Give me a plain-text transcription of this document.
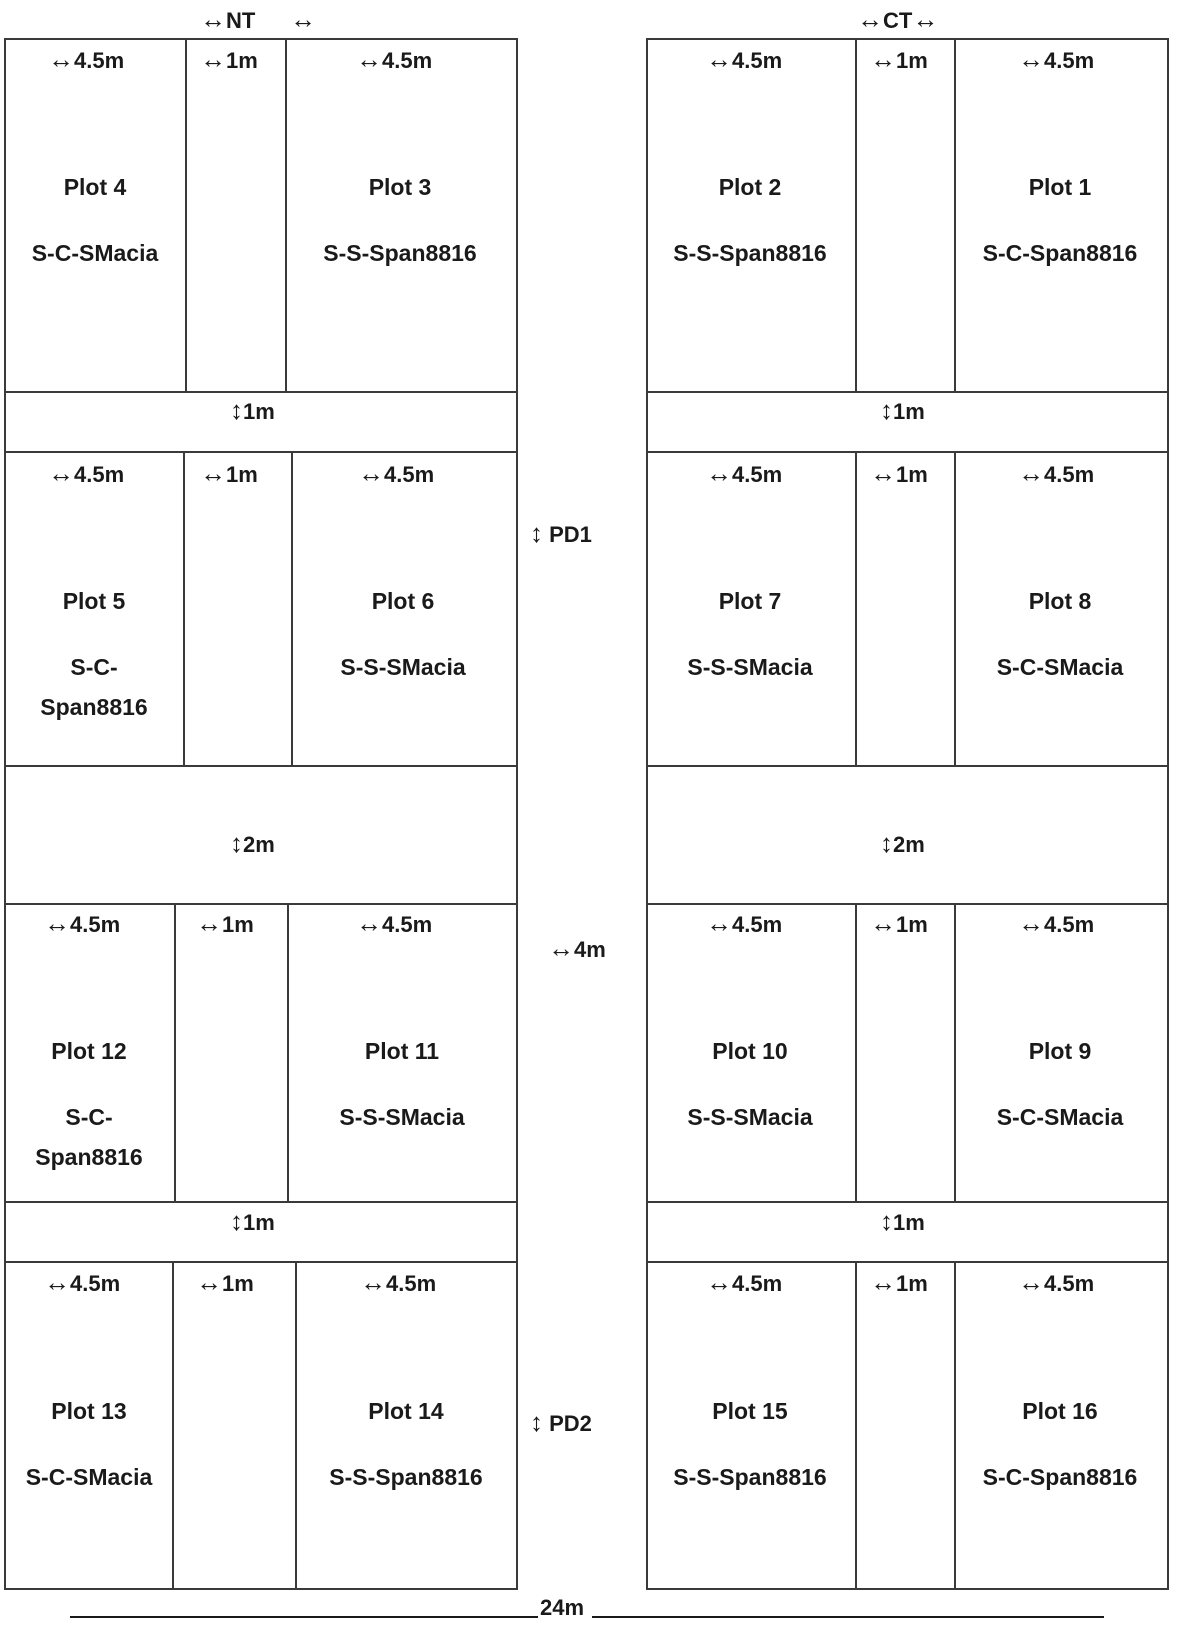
↔NT ↔	↔CT↔
↔4.5m	↔1m	↔4.5m	↔4.5m	↔1m	↔4.5m
↔4.5m	↔1m	↔4.5m	↔4.5m	↔1m	↔4.5m
↔4.5m	↔1m	↔4.5m	↔4.5m	↔1m	↔4.5m
↔4.5m	↔1m	↔4.5m	↔4.5m	↔1m	↔4.5m
↕1m	↕1m
↕2m	↕2m
↕1m	↕1m
↕ PD1
↔4m
↕ PD2
Plot 4
S-C-SMacia
Plot 3
S-S-Span8816
Plot 2
S-S-Span8816
Plot 1
S-C-Span8816
Plot 5
S-C-
Span8816
Plot 6
S-S-SMacia
Plot 7
S-S-SMacia
Plot 8
S-C-SMacia
Plot 12
S-C-
Span8816
Plot 11
S-S-SMacia
Plot 10
S-S-SMacia
Plot 9
S-C-SMacia
Plot 13
S-C-SMacia
Plot 14
S-S-Span8816
Plot 15
S-S-Span8816
Plot 16
S-C-Span8816
24m
